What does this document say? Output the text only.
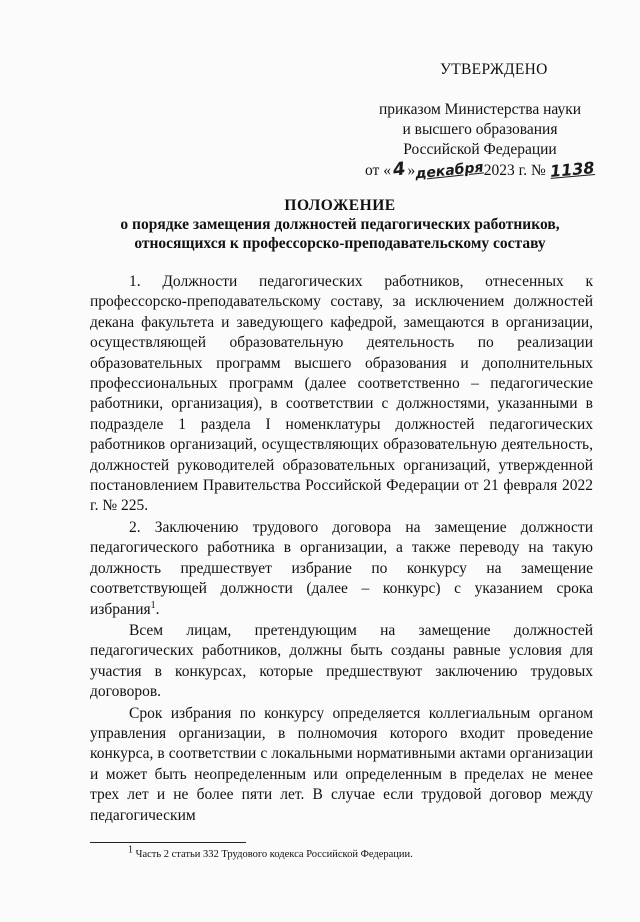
УТВЕРЖДЕНО
приказом Министерства науки
и высшего образования
Российской Федерации
от «4»декабря2023 г. № 1138
ПОЛОЖЕНИЕ
о порядке замещения должностей педагогических работников,
относящихся к профессорско-преподавательскому составу

1. Должности педагогических работников, отнесенных к профессорско-преподавательскому составу, за исключением должностей декана факультета и заведующего кафедрой, замещаются в организации, осуществляющей образовательную деятельность по реализации образовательных программ высшего образования и дополнительных профессиональных программ (далее соответственно – педагогические работники, организация), в соответствии с должностями, указанными в подразделе 1 раздела I номенклатуры должностей педагогических работников организаций, осуществляющих образовательную деятельность, должностей руководителей образовательных организаций, утвержденной постановлением Правительства Российской Федерации от 21 февраля 2022 г. № 225.

2. Заключению трудового договора на замещение должности педагогического работника в организации, а также переводу на такую должность предшествует избрание по конкурсу на замещение соответствующей должности (далее – конкурс) с указанием срока избрания$^1$.

Всем лицам, претендующим на замещение должностей педагогических работников, должны быть созданы равные условия для участия в конкурсах, которые предшествуют заключению трудовых договоров.

Срок избрания по конкурсу определяется коллегиальным органом управления организации, в полномочия которого входит проведение конкурса, в соответствии с локальными нормативными актами организации и может быть неопределенным или определенным в пределах не менее трех лет и не более пяти лет. В случае если трудовой договор между педагогическим

$^1$ Часть 2 статьи 332 Трудового кодекса Российской Федерации.
